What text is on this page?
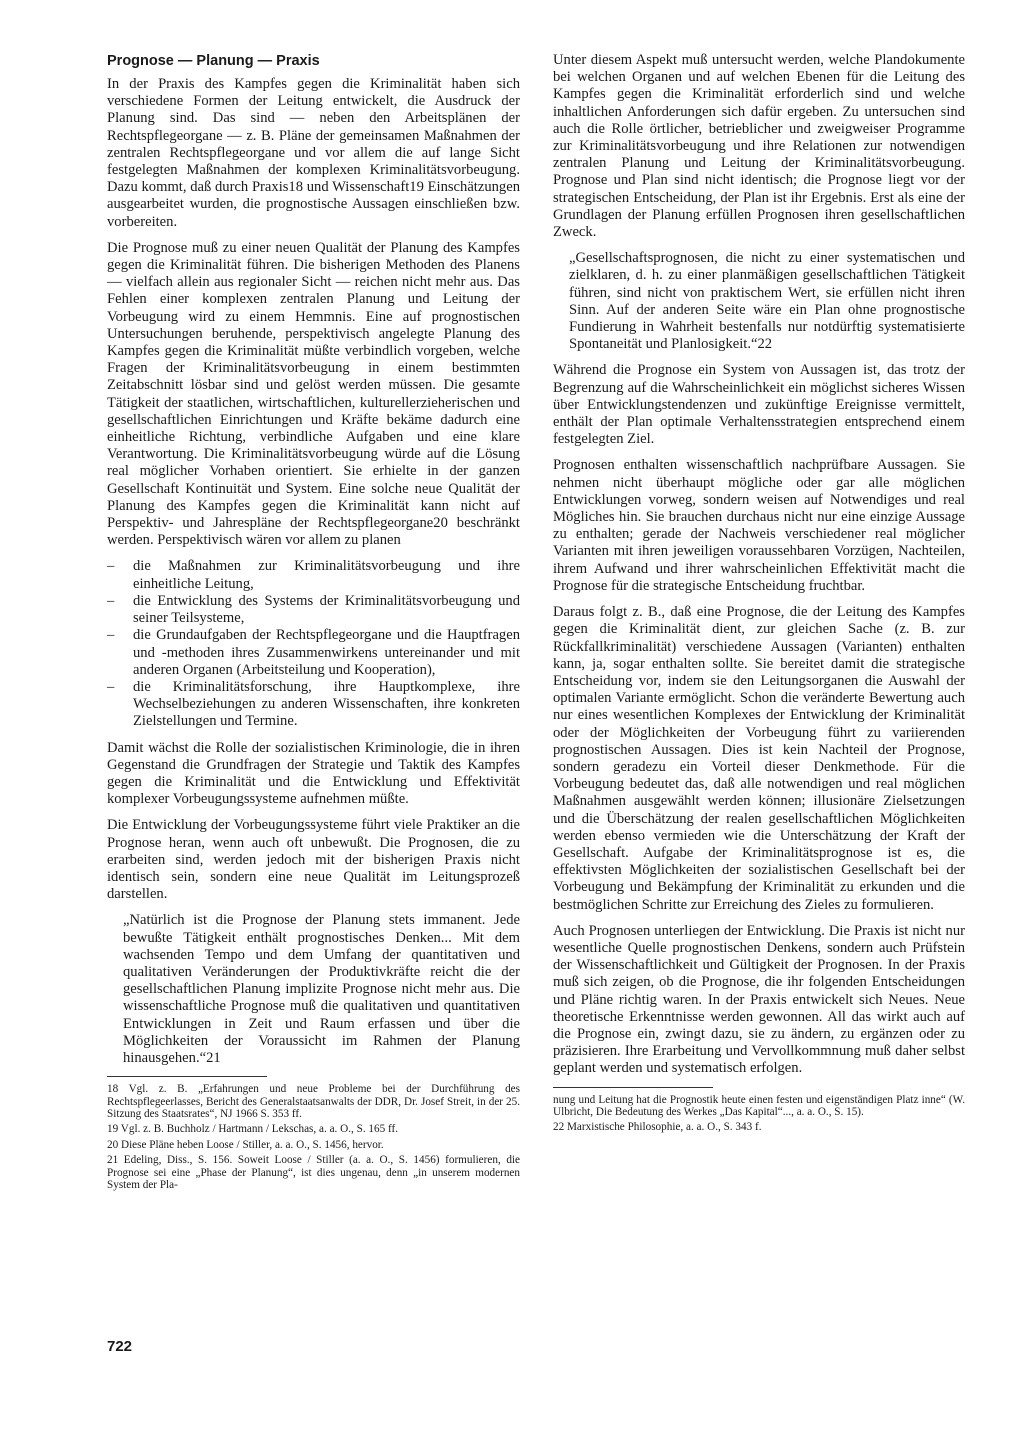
Prognose — Planung — Praxis

In der Praxis des Kampfes gegen die Kriminalität haben sich verschiedene Formen der Leitung entwickelt, die Ausdruck der Planung sind. Das sind — neben den Arbeitsplänen der Rechtspflegeorgane — z. B. Pläne der gemeinsamen Maßnahmen der zentralen Rechtspflegeorgane und vor allem die auf lange Sicht festgelegten Maßnahmen der komplexen Kriminalitätsvorbeugung. Dazu kommt, daß durch Praxis18 und Wissenschaft19 Einschätzungen ausgearbeitet wurden, die prognostische Aussagen einschließen bzw. vorbereiten.

Die Prognose muß zu einer neuen Qualität der Planung des Kampfes gegen die Kriminalität führen. Die bisherigen Methoden des Planens — vielfach allein aus regionaler Sicht — reichen nicht mehr aus. Das Fehlen einer komplexen zentralen Planung und Leitung der Vorbeugung wird zu einem Hemmnis. Eine auf prognostischen Untersuchungen beruhende, perspektivisch angelegte Planung des Kampfes gegen die Kriminalität müßte verbindlich vorgeben, welche Fragen der Kriminalitätsvorbeugung in einem bestimmten Zeitabschnitt lösbar sind und gelöst werden müssen. Die gesamte Tätigkeit der staatlichen, wirtschaftlichen, kulturellerzieherischen und gesellschaftlichen Einrichtungen und Kräfte bekäme dadurch eine einheitliche Richtung, verbindliche Aufgaben und eine klare Verantwortung. Die Kriminalitätsvorbeugung würde auf die Lösung real möglicher Vorhaben orientiert. Sie erhielte in der ganzen Gesellschaft Kontinuität und System. Eine solche neue Qualität der Planung des Kampfes gegen die Kriminalität kann nicht auf Perspektiv- und Jahrespläne der Rechtspflegeorgane20 beschränkt werden. Perspektivisch wären vor allem zu planen

– die Maßnahmen zur Kriminalitätsvorbeugung und ihre einheitliche Leitung,
– die Entwicklung des Systems der Kriminalitätsvorbeugung und seiner Teilsysteme,
– die Grundaufgaben der Rechtspflegeorgane und die Hauptfragen und -methoden ihres Zusammenwirkens untereinander und mit anderen Organen (Arbeitsteilung und Kooperation),
– die Kriminalitätsforschung, ihre Hauptkomplexe, ihre Wechselbeziehungen zu anderen Wissenschaften, ihre konkreten Zielstellungen und Termine.

Damit wächst die Rolle der sozialistischen Kriminologie, die in ihren Gegenstand die Grundfragen der Strategie und Taktik des Kampfes gegen die Kriminalität und die Entwicklung und Effektivität komplexer Vorbeugungssysteme aufnehmen müßte.

Die Entwicklung der Vorbeugungssysteme führt viele Praktiker an die Prognose heran, wenn auch oft unbewußt. Die Prognosen, die zu erarbeiten sind, werden jedoch mit der bisherigen Praxis nicht identisch sein, sondern eine neue Qualität im Leitungsprozeß darstellen.

„Natürlich ist die Prognose der Planung stets immanent. Jede bewußte Tätigkeit enthält prognostisches Denken... Mit dem wachsenden Tempo und dem Umfang der quantitativen und qualitativen Veränderungen der Produktivkräfte reicht die der gesellschaftlichen Planung implizite Prognose nicht mehr aus. Die wissenschaftliche Prognose muß die qualitativen und quantitativen Entwicklungen in Zeit und Raum erfassen und über die Möglichkeiten der Voraussicht im Rahmen der Planung hinausgehen.“21
18 Vgl. z. B. „Erfahrungen und neue Probleme bei der Durchführung des Rechtspflegeerlasses, Bericht des Generalstaatsanwalts der DDR, Dr. Josef Streit, in der 25. Sitzung des Staatsrates“, NJ 1966 S. 353 ff.
19 Vgl. z. B. Buchholz / Hartmann / Lekschas, a. a. O., S. 165 ff.
20 Diese Pläne heben Loose / Stiller, a. a. O., S. 1456, hervor.
21 Edeling, Diss., S. 156. Soweit Loose / Stiller (a. a. O., S. 1456) formulieren, die Prognose sei eine „Phase der Planung“, ist dies ungenau, denn „in unserem modernen System der Pla-
722

Unter diesem Aspekt muß untersucht werden, welche Plandokumente bei welchen Organen und auf welchen Ebenen für die Leitung des Kampfes gegen die Kriminalität erforderlich sind und welche inhaltlichen Anforderungen sich dafür ergeben. Zu untersuchen sind auch die Rolle örtlicher, betrieblicher und zweigweiser Programme zur Kriminalitätsvorbeugung und ihre Relationen zur notwendigen zentralen Planung und Leitung der Kriminalitätsvorbeugung. Prognose und Plan sind nicht identisch; die Prognose liegt vor der strategischen Entscheidung, der Plan ist ihr Ergebnis. Erst als eine der Grundlagen der Planung erfüllen Prognosen ihren gesellschaftlichen Zweck.

„Gesellschaftsprognosen, die nicht zu einer systematischen und zielklaren, d. h. zu einer planmäßigen gesellschaftlichen Tätigkeit führen, sind nicht von praktischem Wert, sie erfüllen nicht ihren Sinn. Auf der anderen Seite wäre ein Plan ohne prognostische Fundierung in Wahrheit bestenfalls nur notdürftig systematisierte Spontaneität und Planlosigkeit.“22

Während die Prognose ein System von Aussagen ist, das trotz der Begrenzung auf die Wahrscheinlichkeit ein möglichst sicheres Wissen über Entwicklungstendenzen und zukünftige Ereignisse vermittelt, enthält der Plan optimale Verhaltensstrategien entsprechend einem festgelegten Ziel.

Prognosen enthalten wissenschaftlich nachprüfbare Aussagen. Sie nehmen nicht überhaupt mögliche oder gar alle möglichen Entwicklungen vorweg, sondern weisen auf Notwendiges und real Mögliches hin. Sie brauchen durchaus nicht nur eine einzige Aussage zu enthalten; gerade der Nachweis verschiedener real möglicher Varianten mit ihren jeweiligen voraussehbaren Vorzügen, Nachteilen, ihrem Aufwand und ihrer wahrscheinlichen Effektivität macht die Prognose für die strategische Entscheidung fruchtbar.

Daraus folgt z. B., daß eine Prognose, die der Leitung des Kampfes gegen die Kriminalität dient, zur gleichen Sache (z. B. zur Rückfallkriminalität) verschiedene Aussagen (Varianten) enthalten kann, ja, sogar enthalten sollte. Sie bereitet damit die strategische Entscheidung vor, indem sie den Leitungsorganen die Auswahl der optimalen Variante ermöglicht. Schon die veränderte Bewertung auch nur eines wesentlichen Komplexes der Entwicklung der Kriminalität oder der Möglichkeiten der Vorbeugung führt zu variierenden prognostischen Aussagen. Dies ist kein Nachteil der Prognose, sondern geradezu ein Vorteil dieser Denkmethode. Für die Vorbeugung bedeutet das, daß alle notwendigen und real möglichen Maßnahmen ausgewählt werden können; illusionäre Zielsetzungen und die Überschätzung der realen gesellschaftlichen Möglichkeiten werden ebenso vermieden wie die Unterschätzung der Kraft der Gesellschaft. Aufgabe der Kriminalitätsprognose ist es, die effektivsten Möglichkeiten der sozialistischen Gesellschaft bei der Vorbeugung und Bekämpfung der Kriminalität zu erkunden und die bestmöglichen Schritte zur Erreichung des Zieles zu formulieren.

Auch Prognosen unterliegen der Entwicklung. Die Praxis ist nicht nur wesentliche Quelle prognostischen Denkens, sondern auch Prüfstein der Wissenschaftlichkeit und Gültigkeit der Prognosen. In der Praxis muß sich zeigen, ob die Prognose, die ihr folgenden Entscheidungen und Pläne richtig waren. In der Praxis entwickelt sich Neues. Neue theoretische Erkenntnisse werden gewonnen. All das wirkt auch auf die Prognose ein, zwingt dazu, sie zu ändern, zu ergänzen oder zu präzisieren. Ihre Erarbeitung und Vervollkommnung muß daher selbst geplant werden und systematisch erfolgen.

nung und Leitung hat die Prognostik heute einen festen und eigenständigen Platz inne“ (W. Ulbricht, Die Bedeutung des Werkes „Das Kapital“..., a. a. O., S. 15).
22 Marxistische Philosophie, a. a. O., S. 343 f.
